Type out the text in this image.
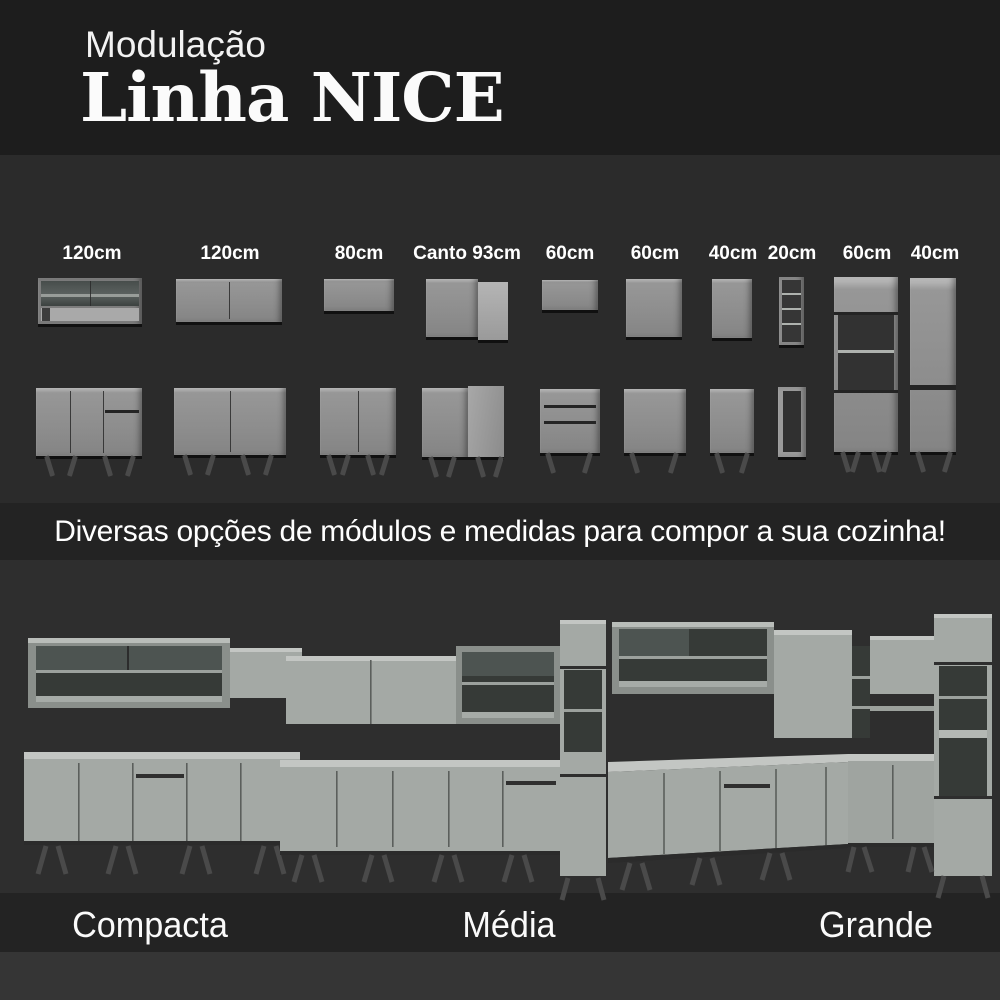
Modulação
Linha NICE
120cm	120cm	80cm Canto 93cm 60cm 60cm 40cm 20cm 60cm 40cm
Diversas opções de módulos e medidas para compor a sua cozinha!
Compacta	Média	Grande
